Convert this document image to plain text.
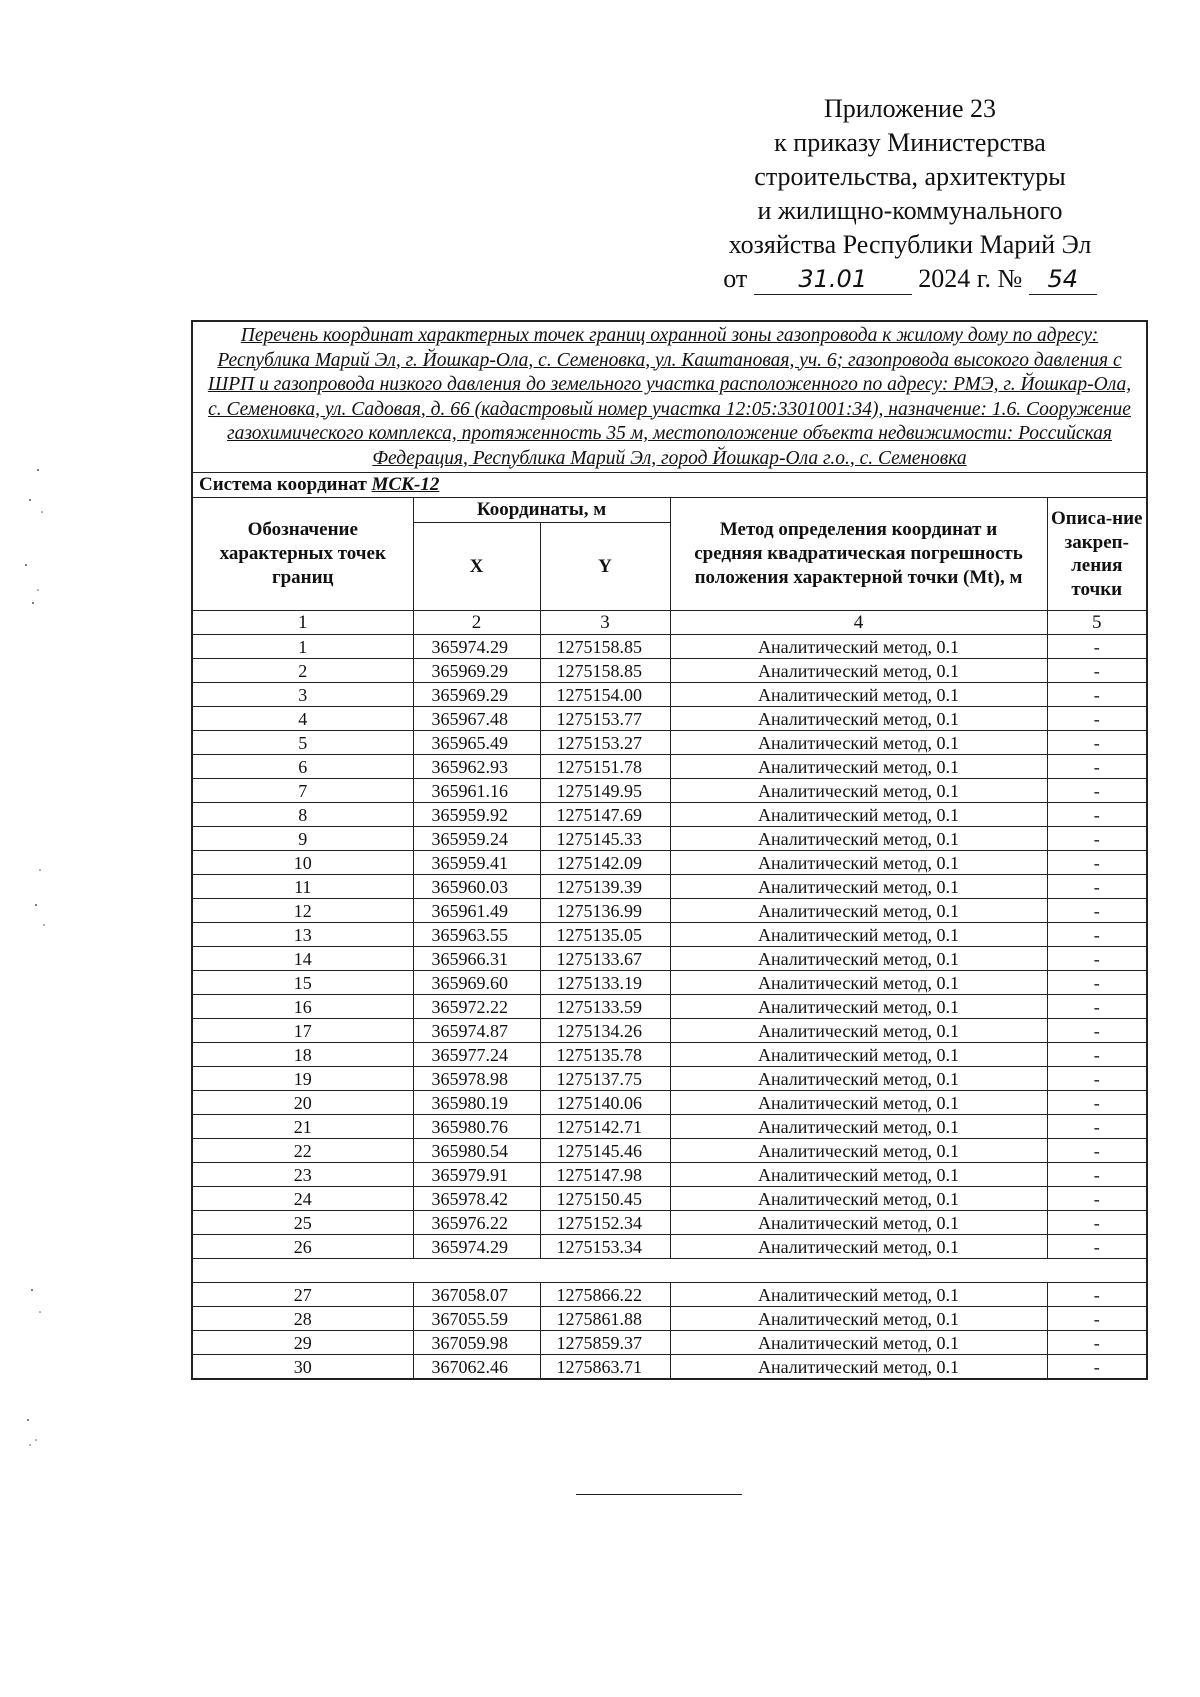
Приложение 23
к приказу Министерства
строительства, архитектуры
и жилищно-коммунального
хозяйства Республики Марий Эл
от 31.01 2024 г. № 54
Перечень координат характерных точек границ охранной зоны газопровода к жилому дому по адресу: Республика Марий Эл, г. Йошкар-Ола, с. Семеновка, ул. Каштановая, уч. 6; газопровода высокого давления с ШРП и газопровода низкого давления до земельного участка расположенного по адресу: РМЭ, г. Йошкар-Ола, с. Семеновка, ул. Садовая, д. 66 (кадастровый номер участка 12:05:3301001:34), назначение: 1.6. Сооружение газохимического комплекса, протяженность 35 м, местоположение объекта недвижимости: Российская Федерация, Республика Марий Эл, город Йошкар-Ола г.о., с. Семеновка				
Система координат МСК-12				
Обозначение характерных точек границ	Координаты, м		Метод определения координат и средняя квадратическая погрешность положения характерной точки (Mt), м	Описа-ние закреп-ления точки
	X	Y		
1	2	3	4	5
1	365974.29	1275158.85	Аналитический метод, 0.1	-
2	365969.29	1275158.85	Аналитический метод, 0.1	-
3	365969.29	1275154.00	Аналитический метод, 0.1	-
4	365967.48	1275153.77	Аналитический метод, 0.1	-
5	365965.49	1275153.27	Аналитический метод, 0.1	-
6	365962.93	1275151.78	Аналитический метод, 0.1	-
7	365961.16	1275149.95	Аналитический метод, 0.1	-
8	365959.92	1275147.69	Аналитический метод, 0.1	-
9	365959.24	1275145.33	Аналитический метод, 0.1	-
10	365959.41	1275142.09	Аналитический метод, 0.1	-
11	365960.03	1275139.39	Аналитический метод, 0.1	-
12	365961.49	1275136.99	Аналитический метод, 0.1	-
13	365963.55	1275135.05	Аналитический метод, 0.1	-
14	365966.31	1275133.67	Аналитический метод, 0.1	-
15	365969.60	1275133.19	Аналитический метод, 0.1	-
16	365972.22	1275133.59	Аналитический метод, 0.1	-
17	365974.87	1275134.26	Аналитический метод, 0.1	-
18	365977.24	1275135.78	Аналитический метод, 0.1	-
19	365978.98	1275137.75	Аналитический метод, 0.1	-
20	365980.19	1275140.06	Аналитический метод, 0.1	-
21	365980.76	1275142.71	Аналитический метод, 0.1	-
22	365980.54	1275145.46	Аналитический метод, 0.1	-
23	365979.91	1275147.98	Аналитический метод, 0.1	-
24	365978.42	1275150.45	Аналитический метод, 0.1	-
25	365976.22	1275152.34	Аналитический метод, 0.1	-
26	365974.29	1275153.34	Аналитический метод, 0.1	-

27	367058.07	1275866.22	Аналитический метод, 0.1	-
28	367055.59	1275861.88	Аналитический метод, 0.1	-
29	367059.98	1275859.37	Аналитический метод, 0.1	-
30	367062.46	1275863.71	Аналитический метод, 0.1	-
